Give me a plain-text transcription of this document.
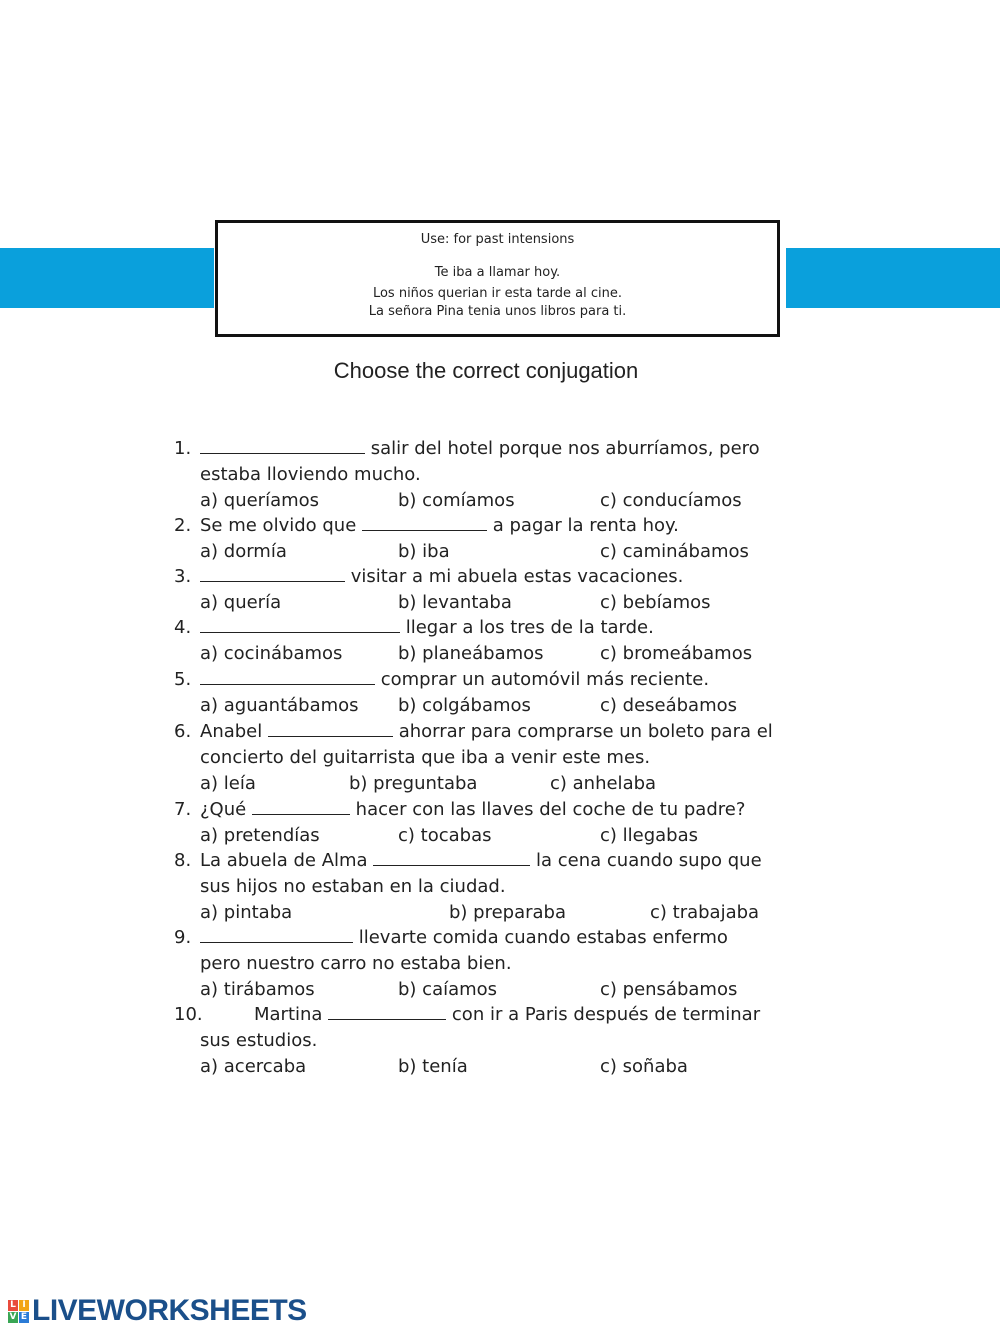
Use: for past intensions
Te iba a llamar hoy.
Los niños querian ir esta tarde al cine.
La señora Pina tenia unos libros para ti.
Choose the correct conjugation
1.	salir del hotel porque nos aburríamos, pero
estaba lloviendo mucho.
a) queríamos	b) comíamos	c) conducíamos
2. Se me olvido que	a pagar la renta hoy.
a) dormía	b) iba	c) caminábamos
3.	visitar a mi abuela estas vacaciones.
a) quería	b) levantaba	c) bebíamos
4.	llegar a los tres de la tarde.
a) cocinábamos	b) planeábamos	c) bromeábamos
5.	comprar un automóvil más reciente.
a) aguantábamos b) colgábamos	c) deseábamos
6. Anabel	ahorrar para comprarse un boleto para el
concierto del guitarrista que iba a venir este mes.
a) leía	b) preguntaba	c) anhelaba
7. ¿Qué	hacer con las llaves del coche de tu padre?
a) pretendías	c) tocabas	c) llegabas
8. La abuela de Alma	la cena cuando supo que
sus hijos no estaban en la ciudad.
a) pintaba	b) preparaba	c) trabajaba
9.	llevarte comida cuando estabas enfermo
pero nuestro carro no estaba bien.
a) tirábamos	b) caíamos	c) pensábamos
10.	Martina	con ir a Paris después de terminar
sus estudios.
a) acercaba	b) tenía	c) soñaba
L I
V E LIVEWORKSHEETS
